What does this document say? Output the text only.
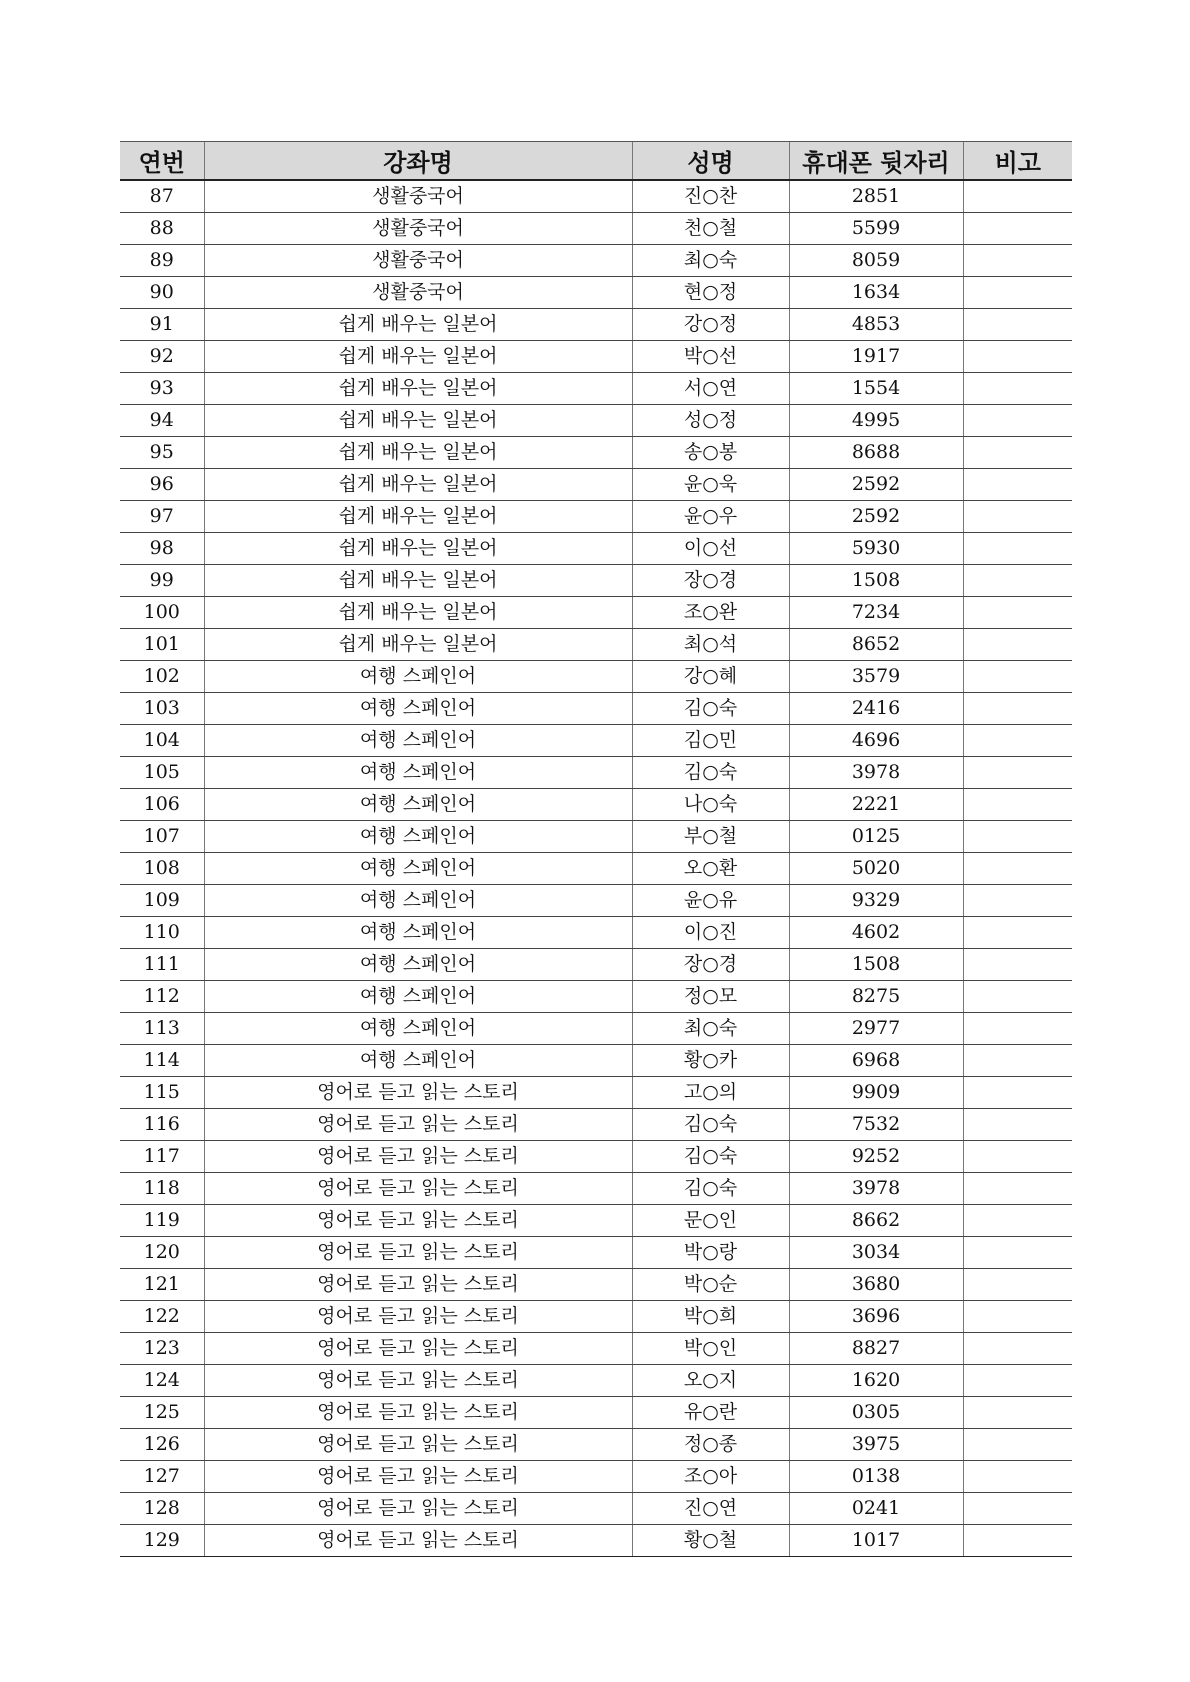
연번	강좌명	성명	휴대폰 뒷자리	비고
87	생활중국어	진○찬	2851	
88	생활중국어	천○철	5599	
89	생활중국어	최○숙	8059	
90	생활중국어	현○정	1634	
91	쉽게 배우는 일본어	강○정	4853	
92	쉽게 배우는 일본어	박○선	1917	
93	쉽게 배우는 일본어	서○연	1554	
94	쉽게 배우는 일본어	성○정	4995	
95	쉽게 배우는 일본어	송○봉	8688	
96	쉽게 배우는 일본어	윤○욱	2592	
97	쉽게 배우는 일본어	윤○우	2592	
98	쉽게 배우는 일본어	이○선	5930	
99	쉽게 배우는 일본어	장○경	1508	
100	쉽게 배우는 일본어	조○완	7234	
101	쉽게 배우는 일본어	최○석	8652	
102	여행 스페인어	강○혜	3579	
103	여행 스페인어	김○숙	2416	
104	여행 스페인어	김○민	4696	
105	여행 스페인어	김○숙	3978	
106	여행 스페인어	나○숙	2221	
107	여행 스페인어	부○철	0125	
108	여행 스페인어	오○환	5020	
109	여행 스페인어	윤○유	9329	
110	여행 스페인어	이○진	4602	
111	여행 스페인어	장○경	1508	
112	여행 스페인어	정○모	8275	
113	여행 스페인어	최○숙	2977	
114	여행 스페인어	황○카	6968	
115	영어로 듣고 읽는 스토리	고○의	9909	
116	영어로 듣고 읽는 스토리	김○숙	7532	
117	영어로 듣고 읽는 스토리	김○숙	9252	
118	영어로 듣고 읽는 스토리	김○숙	3978	
119	영어로 듣고 읽는 스토리	문○인	8662	
120	영어로 듣고 읽는 스토리	박○랑	3034	
121	영어로 듣고 읽는 스토리	박○순	3680	
122	영어로 듣고 읽는 스토리	박○희	3696	
123	영어로 듣고 읽는 스토리	박○인	8827	
124	영어로 듣고 읽는 스토리	오○지	1620	
125	영어로 듣고 읽는 스토리	유○란	0305	
126	영어로 듣고 읽는 스토리	정○종	3975	
127	영어로 듣고 읽는 스토리	조○아	0138	
128	영어로 듣고 읽는 스토리	진○연	0241	
129	영어로 듣고 읽는 스토리	황○철	1017	
